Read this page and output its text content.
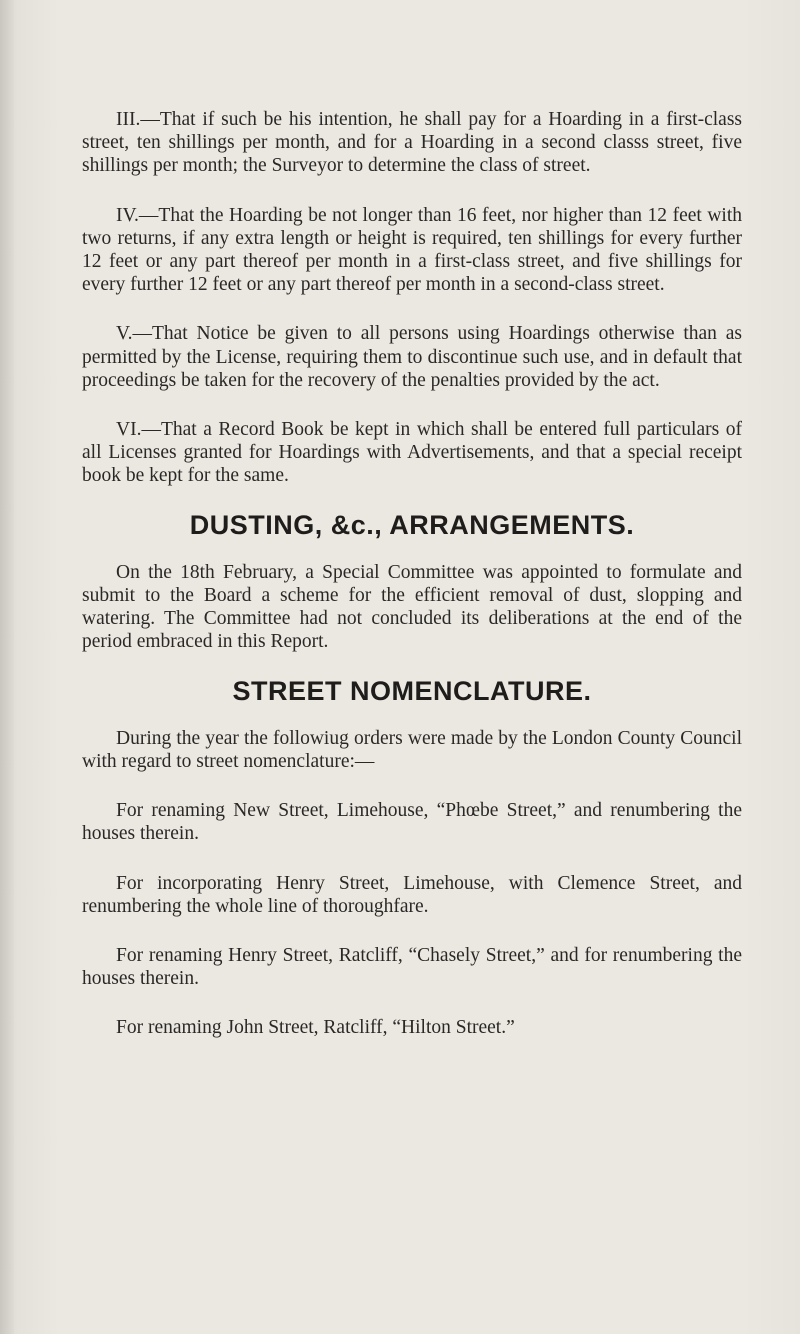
III.—That if such be his intention, he shall pay for a Hoarding in a first-class street, ten shillings per month, and for a Hoarding in a second classs street, five shillings per month; the Surveyor to determine the class of street.

IV.—That the Hoarding be not longer than 16 feet, nor higher than 12 feet with two returns, if any extra length or height is required, ten shillings for every further 12 feet or any part thereof per month in a first-class street, and five shillings for every further 12 feet or any part thereof per month in a second-class street.

V.—That Notice be given to all persons using Hoardings otherwise than as permitted by the License, requiring them to discontinue such use, and in default that proceedings be taken for the recovery of the penalties provided by the act.

VI.—That a Record Book be kept in which shall be entered full particulars of all Licenses granted for Hoardings with Advertisements, and that a special receipt book be kept for the same.

DUSTING, &c., ARRANGEMENTS.

On the 18th February, a Special Committee was appointed to formulate and submit to the Board a scheme for the efficient removal of dust, slopping and watering. The Committee had not concluded its deliberations at the end of the period embraced in this Report.

STREET NOMENCLATURE.

During the year the followiug orders were made by the London County Council with regard to street nomenclature:—

For renaming New Street, Limehouse, “Phœbe Street,” and renumbering the houses therein.

For incorporating Henry Street, Limehouse, with Clemence Street, and renumbering the whole line of thoroughfare.

For renaming Henry Street, Ratcliff, “Chasely Street,” and for renumbering the houses therein.

For renaming John Street, Ratcliff, “Hilton Street.”
